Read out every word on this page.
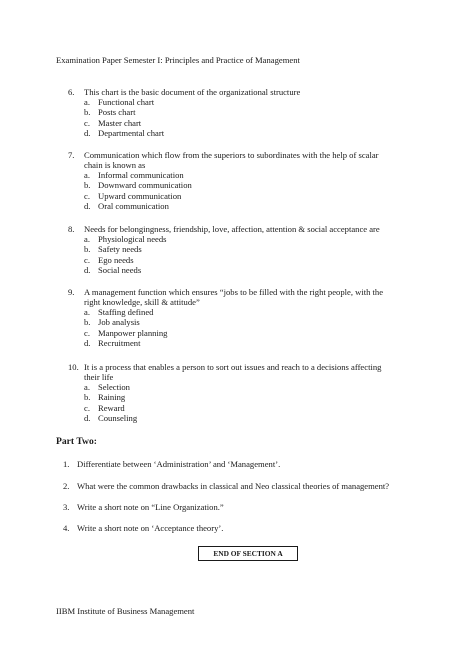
Examination Paper Semester I: Principles and Practice of Management
6.	This chart is the basic document of the organizational structure
a. Functional chart
b. Posts chart
c. Master chart
d. Departmental chart
7.	Communication which flow from the superiors to subordinates with the help of scalar
chain is known as
a. Informal communication
b. Downward communication
c. Upward communication
d. Oral communication
8.	Needs for belongingness, friendship, love, affection, attention & social acceptance are
a. Physiological needs
b. Safety needs
c. Ego needs
d. Social needs
9.	A management function which ensures “jobs to be filled with the right people, with the
right knowledge, skill & attitude”
a. Staffing defined
b. Job analysis
c. Manpower planning
d. Recruitment
10. It is a process that enables a person to sort out issues and reach to a decisions affecting
their life
a. Selection
b. Raining
c. Reward
d. Counseling
Part Two:
1. Differentiate between ‘Administration’ and ‘Management’.
2. What were the common drawbacks in classical and Neo classical theories of management?
3. Write a short note on “Line Organization.”
4. Write a short note on ‘Acceptance theory’.
END OF SECTION A
IIBM Institute of Business Management
